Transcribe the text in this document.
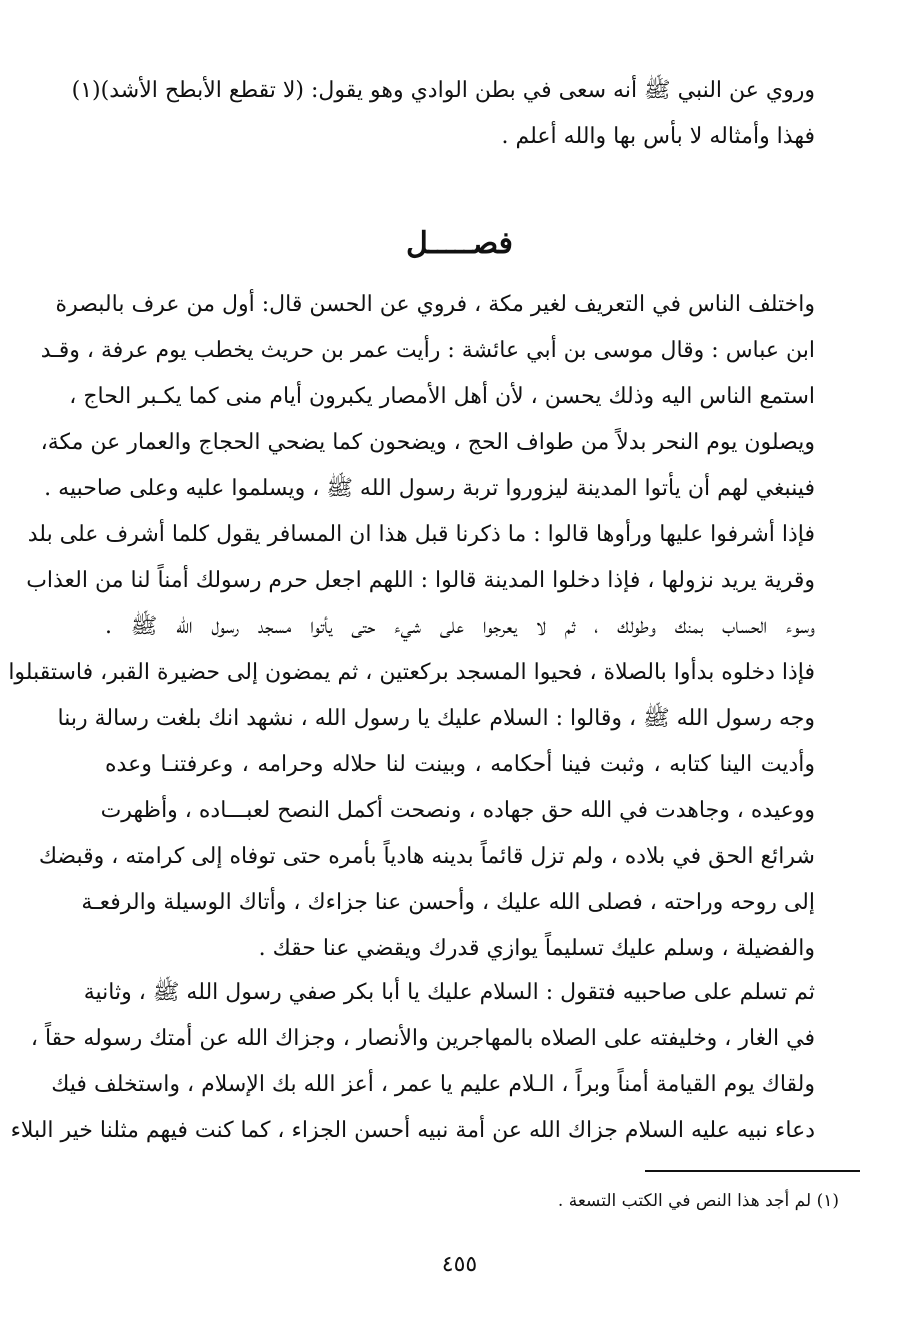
وروي عن النبي ﷺ أنه سعى في بطن الوادي وهو يقول: (لا تقطع الأبطح الأشد)(١)
فهذا وأمثاله لا بأس بها والله أعلم .
فصـــــل
واختلف الناس في التعريف لغير مكة ، فروي عن الحسن قال: أول من عرف بالبصرة
ابن عباس : وقال موسى بن أبي عائشة : رأيت عمر بن حريث يخطب يوم عرفة ، وقـد
استمع الناس اليه وذلك يحسن ، لأن أهل الأمصار يكبرون أيام منى كما يكـبر الحاج ،
ويصلون يوم النحر بدلاً من طواف الحج ، ويضحون كما يضحي الحجاج والعمار عن مكة،
فينبغي لهم أن يأتوا المدينة ليزوروا تربة رسول الله ﷺ ، ويسلموا عليه وعلى صاحبيه .
فإذا أشرفوا عليها ورأوها قالوا : ما ذكرنا قبل هذا ان المسافر يقول كلما أشرف على بلد
وقرية يريد نزولها ، فإذا دخلوا المدينة قالوا : اللهم اجعل حرم رسولك أمناً لنا من العذاب
وسوء الحساب بمنك وطولك ، ثم لا يعرجوا على شيء حتى يأتوا مسجد رسول الله ﷺ .
فإذا دخلوه بدأوا بالصلاة ، فحيوا المسجد بركعتين ، ثم يمضون إلى حضيرة القبر، فاستقبلوا
وجه رسول الله ﷺ ، وقالوا : السلام عليك يا رسول الله ، نشهد انك بلغت رسالة ربنا
وأديت الينا كتابه ، وثبت فينا أحكامه ، وبينت لنا حلاله وحرامه ، وعرفتنـا وعده
ووعيده ، وجاهدت في الله حق جهاده ، ونصحت أكمل النصح لعبـــاده ، وأظهرت
شرائع الحق في بلاده ، ولم تزل قائماً بدينه هادياً بأمره حتى توفاه إلى كرامته ، وقبضك
إلى روحه وراحته ، فصلى الله عليك ، وأحسن عنا جزاءك ، وأتاك الوسيلة والرفعـة
والفضيلة ، وسلم عليك تسليماً يوازي قدرك ويقضي عنا حقك .
ثم تسلم على صاحبيه فتقول : السلام عليك يا أبا بكر صفي رسول الله ﷺ ، وثانية
في الغار ، وخليفته على الصلاه بالمهاجرين والأنصار ، وجزاك الله عن أمتك رسوله حقاً ،
ولقاك يوم القيامة أمناً وبراً ، الـلام عليم يا عمر ، أعز الله بك الإسلام ، واستخلف فيك
دعاء نبيه عليه السلام جزاك الله عن أمة نبيه أحسن الجزاء ، كما كنت فيهم مثلنا خير البلاء
(١) لم أجد هذا النص في الكتب التسعة .
٤٥٥
